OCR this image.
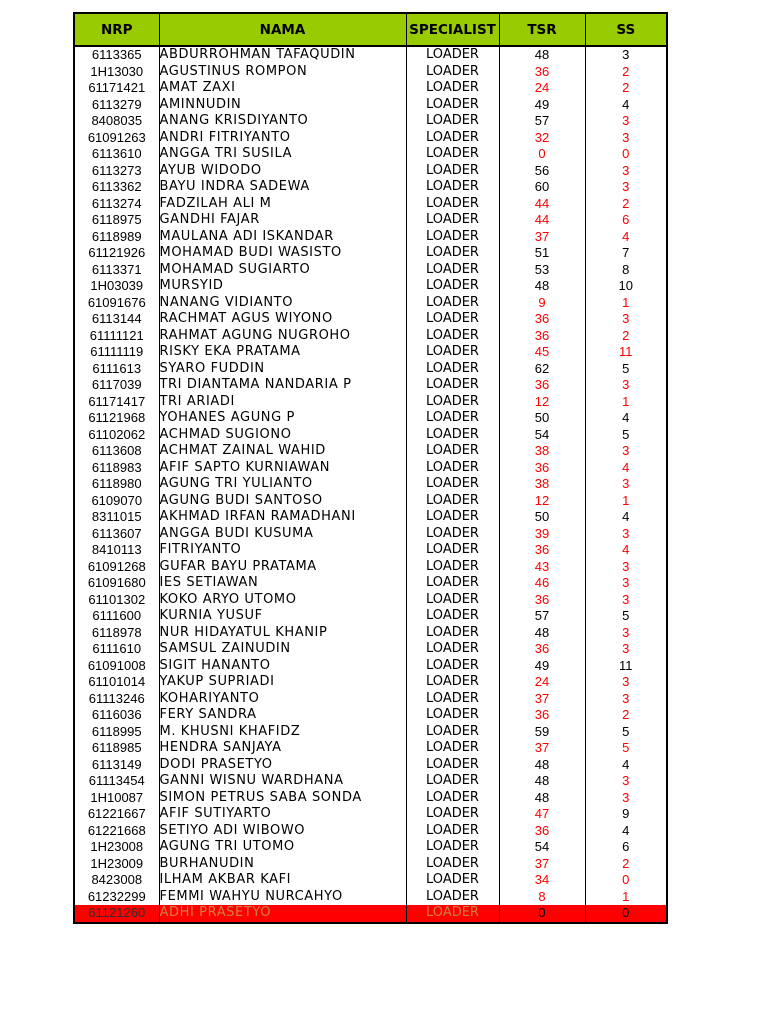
NRP	NAMA	SPECIALIST	TSR	SS
6113365	ABDURROHMAN TAFAQUDIN	LOADER	48	3
1H13030	AGUSTINUS ROMPON	LOADER	36	2
61171421	AMAT ZAXI	LOADER	24	2
6113279	AMINNUDIN	LOADER	49	4
8408035	ANANG KRISDIYANTO	LOADER	57	3
61091263	ANDRI FITRIYANTO	LOADER	32	3
6113610	ANGGA TRI SUSILA	LOADER	0	0
6113273	AYUB WIDODO	LOADER	56	3
6113362	BAYU INDRA SADEWA	LOADER	60	3
6113274	FADZILAH ALI M	LOADER	44	2
6118975	GANDHI FAJAR	LOADER	44	6
6118989	MAULANA ADI ISKANDAR	LOADER	37	4
61121926	MOHAMAD BUDI WASISTO	LOADER	51	7
6113371	MOHAMAD SUGIARTO	LOADER	53	8
1H03039	MURSYID	LOADER	48	10
61091676	NANANG VIDIANTO	LOADER	9	1
6113144	RACHMAT AGUS WIYONO	LOADER	36	3
61111121	RAHMAT AGUNG NUGROHO	LOADER	36	2
61111119	RISKY EKA PRATAMA	LOADER	45	11
6111613	SYARO FUDDIN	LOADER	62	5
6117039	TRI DIANTAMA NANDARIA P	LOADER	36	3
61171417	TRI ARIADI	LOADER	12	1
61121968	YOHANES AGUNG P	LOADER	50	4
61102062	ACHMAD SUGIONO	LOADER	54	5
6113608	ACHMAT ZAINAL WAHID	LOADER	38	3
6118983	AFIF SAPTO KURNIAWAN	LOADER	36	4
6118980	AGUNG TRI YULIANTO	LOADER	38	3
6109070	AGUNG BUDI SANTOSO	LOADER	12	1
8311015	AKHMAD IRFAN RAMADHANI	LOADER	50	4
6113607	ANGGA BUDI KUSUMA	LOADER	39	3
8410113	FITRIYANTO	LOADER	36	4
61091268	GUFAR BAYU PRATAMA	LOADER	43	3
61091680	IES SETIAWAN	LOADER	46	3
61101302	KOKO ARYO UTOMO	LOADER	36	3
6111600	KURNIA YUSUF	LOADER	57	5
6118978	NUR HIDAYATUL KHANIP	LOADER	48	3
6111610	SAMSUL ZAINUDIN	LOADER	36	3
61091008	SIGIT HANANTO	LOADER	49	11
61101014	YAKUP SUPRIADI	LOADER	24	3
61113246	KOHARIYANTO	LOADER	37	3
6116036	FERY SANDRA	LOADER	36	2
6118995	M. KHUSNI KHAFIDZ	LOADER	59	5
6118985	HENDRA SANJAYA	LOADER	37	5
6113149	DODI PRASETYO	LOADER	48	4
61113454	GANNI WISNU WARDHANA	LOADER	48	3
1H10087	SIMON PETRUS SABA SONDA	LOADER	48	3
61221667	AFIF SUTIYARTO	LOADER	47	9
61221668	SETIYO ADI WIBOWO	LOADER	36	4
1H23008	AGUNG TRI UTOMO	LOADER	54	6
1H23009	BURHANUDIN	LOADER	37	2
8423008	ILHAM AKBAR KAFI	LOADER	34	0
61232299	FEMMI WAHYU NURCAHYO	LOADER	8	1
61121260	ADHI PRASETYO	LOADER	0	0
